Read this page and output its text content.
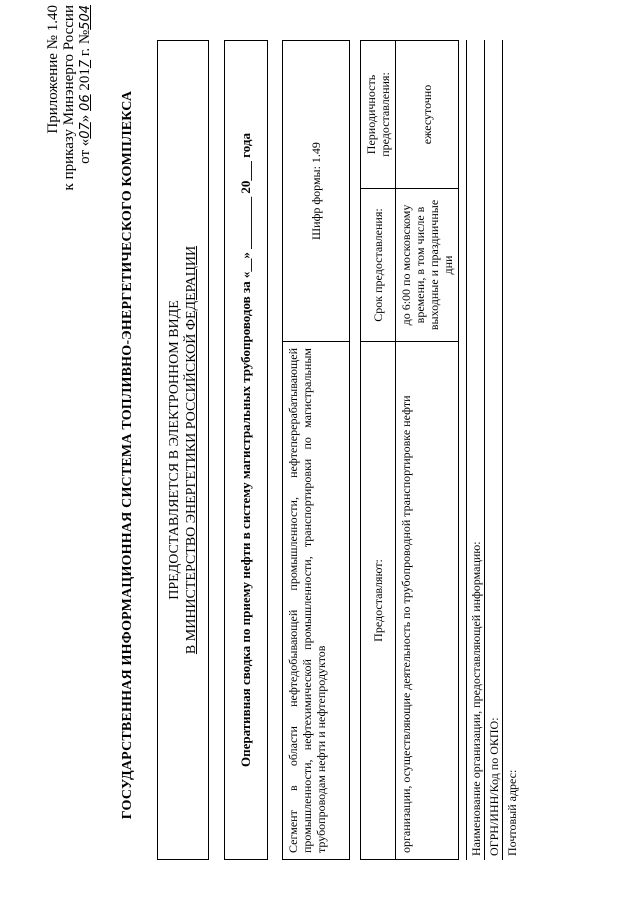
Приложение № 1.40 к приказу Минэнерго России от «07» 06 2017 г. №504
ГОСУДАРСТВЕННАЯ ИНФОРМАЦИОННАЯ СИСТЕМА ТОПЛИВНО-ЭНЕРГЕТИЧЕСКОГО КОМПЛЕКСА ПРЕДОСТАВЛЯЕТСЯ В ЭЛЕКТРОННОМ ВИДЕ В МИНИСТЕРСТВО ЭНЕРГЕТИКИ РОССИЙСКОЙ ФЕДЕРАЦИИ	Оперативная сводка по приему нефти в систему магистральных трубопроводов за «__» ________ 20___ года	Сегмент в области нефтедобывающей промышленности, нефтеперерабатывающей промышленности, нефтехимической промышленности, транспортировки по магистральным трубопроводам нефти и нефтепродуктов	Шифр формы: 1.49
Предоставляют:	Срок предоставления:	Периодичность предоставления:
организации, осуществляющие деятельность по трубопроводной транспортировке нефти	до 6:00 по московскому времени, в том числе в выходные и праздничные дни	ежесуточно
Наименование организации, предоставляющей информацию: ОГРН/ИНН/Код по ОКПО: Почтовый адрес:
